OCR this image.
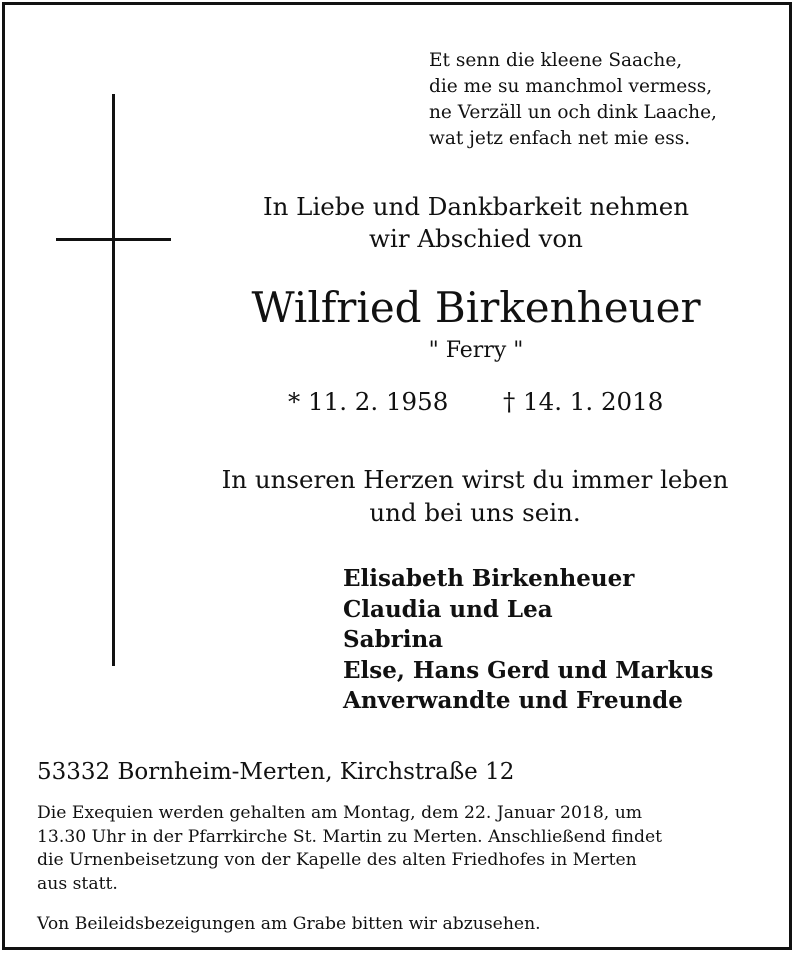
Et senn die kleene Saache,
die me su manchmol vermess,
ne Verzäll un och dink Laache,
wat jetz enfach net mie ess.
In Liebe und Dankbarkeit nehmen
wir Abschied von
Wilfried Birkenheuer
" Ferry "
* 11. 2. 1958 † 14. 1. 2018
In unseren Herzen wirst du immer leben
und bei uns sein.
Elisabeth Birkenheuer
Claudia und Lea
Sabrina
Else, Hans Gerd und Markus
Anverwandte und Freunde
53332 Bornheim-Merten, Kirchstraße 12
Die Exequien werden gehalten am Montag, dem 22. Januar 2018, um
13.30 Uhr in der Pfarrkirche St. Martin zu Merten. Anschließend findet
die Urnenbeisetzung von der Kapelle des alten Friedhofes in Merten
aus statt.
Von Beileidsbezeigungen am Grabe bitten wir abzusehen.
